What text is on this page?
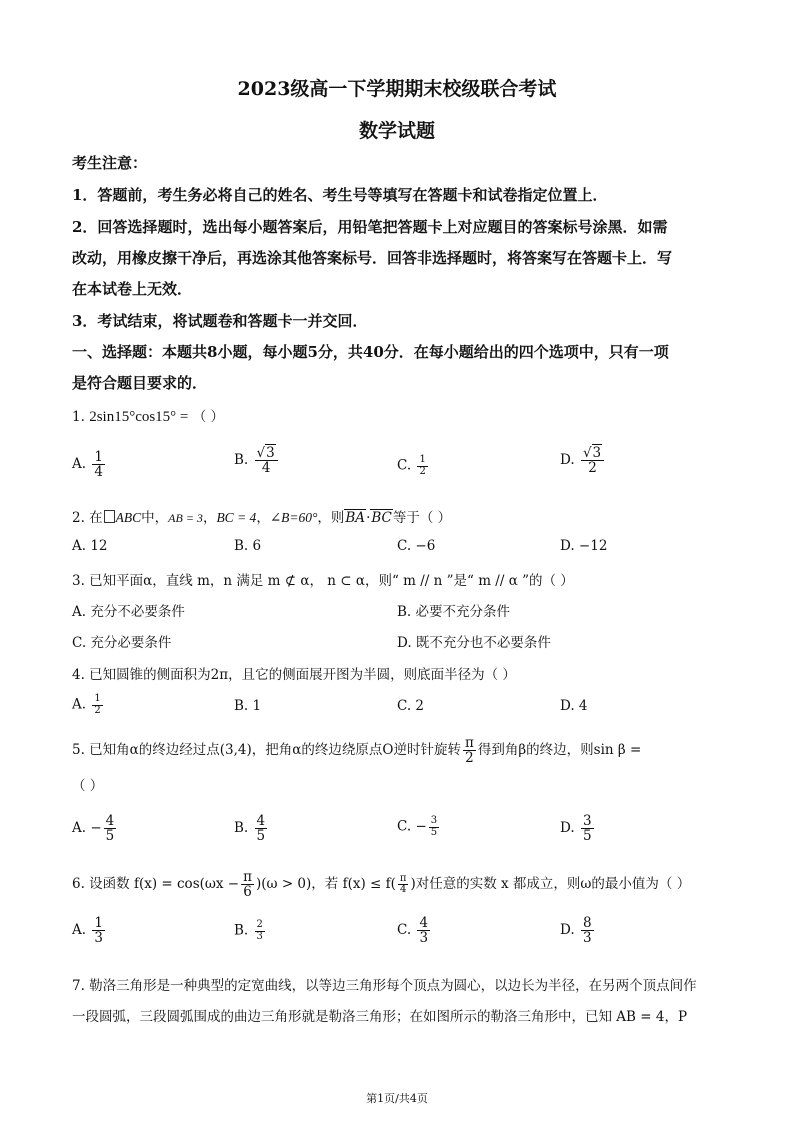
2023级高一下学期期末校级联合考试
数学试题
考生注意：
1．答题前，考生务必将自己的姓名、考生号等填写在答题卡和试卷指定位置上．
2．回答选择题时，选出每小题答案后，用铅笔把答题卡上对应题目的答案标号涂黑．如需
改动，用橡皮擦干净后，再选涂其他答案标号．回答非选择题时，将答案写在答题卡上．写
在本试卷上无效．
3．考试结束，将试题卷和答题卡一并交回．
一、选择题：本题共8小题，每小题5分，共40分．在每小题给出的四个选项中，只有一项
是符合题目要求的．
1. 2sin15°cos15° = （ ）
A. $\frac{1}{4}$	B. $\frac{√3}{4}$	C. $\frac{1}{2}$	D. $\frac{√3}{2}$
2. 在 ABC中，AB = 3，BC = 4，∠B=60°，则BA·BC等于（ ）
A. 12	B. 6	C. −6	D. −12
3. 已知平面α，直线 m，n 满足 m ⊄ α， n ⊂ α，则“ m // n ”是“ m // α ”的（ ）
A. 充分不必要条件	B. 必要不充分条件
C. 充分必要条件	D. 既不充分也不必要条件
4. 已知圆锥的侧面积为2π，且它的侧面展开图为半圆，则底面半径为（ ）
A. $\frac{1}{2}$	B. 1	C. 2	D. 4
5. 已知角α的终边经过点(3,4)，把角α的终边绕原点O逆时针旋转 $\frac{\pi}{2}$ 得到角β的终边，则sin β =
（ ）
A. − $\frac{4}{5}$	B. $\frac{4}{5}$	C. − $\frac{3}{5}$	D. $\frac{3}{5}$
6. 设函数 $f(x) = \cos(\omega x - \frac{\pi}{6} )(\omega > 0)$，若 $f(x) \le f( \frac{\pi}{4}$ )对任意的实数 x 都成立，则ω的最小值为（ ）
A. $\frac{1}{3}$	B. $\frac{2}{3}$	C. $\frac{4}{3}$	D. $\frac{8}{3}$
7. 勒洛三角形是一种典型的定宽曲线，以等边三角形每个顶点为圆心，以边长为半径，在另两个顶点间作
一段圆弧，三段圆弧围成的曲边三角形就是勒洛三角形；在如图所示的勒洛三角形中，已知 AB = 4，P
第1页/共4页
